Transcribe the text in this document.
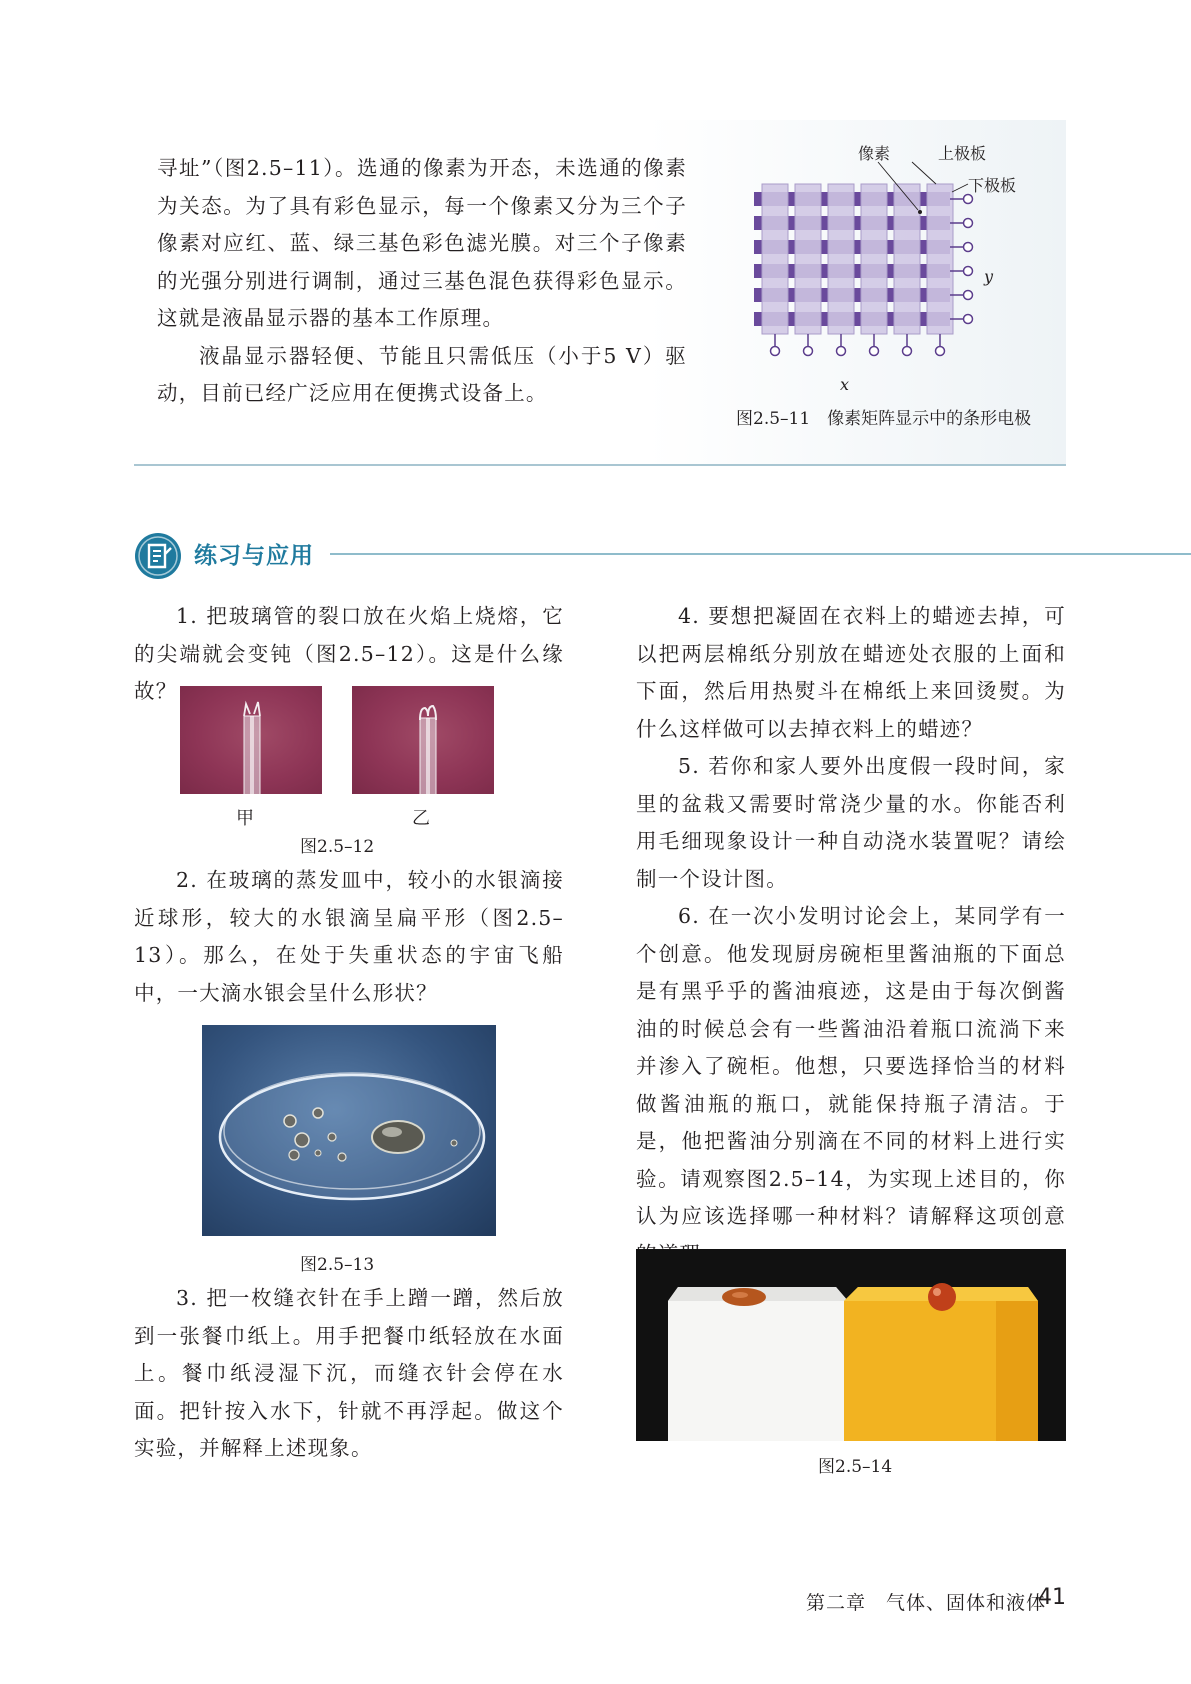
寻址”（图2.5–11）。选通的像素为开态，未选通的像素为关态。为了具有彩色显示，每一个像素又分为三个子像素对应红、蓝、绿三基色彩色滤光膜。对三个子像素的光强分别进行调制，通过三基色混色获得彩色显示。这就是液晶显示器的基本工作原理。

液晶显示器轻便、节能且只需低压（小于5 V）驱动，目前已经广泛应用在便携式设备上。

像素	上极板
下极板
y
x
图2.5–11　像素矩阵显示中的条形电极
练习与应用

1. 把玻璃管的裂口放在火焰上烧熔，它的尖端就会变钝（图2.5–12）。这是什么缘故？

甲	乙
图2.5–12

2. 在玻璃的蒸发皿中，较小的水银滴接近球形，较大的水银滴呈扁平形（图2.5–13）。那么，在处于失重状态的宇宙飞船中，一大滴水银会呈什么形状？

图2.5–13

3. 把一枚缝衣针在手上蹭一蹭，然后放到一张餐巾纸上。用手把餐巾纸轻放在水面上。餐巾纸浸湿下沉，而缝衣针会停在水面。把针按入水下，针就不再浮起。做这个实验，并解释上述现象。

4. 要想把凝固在衣料上的蜡迹去掉，可以把两层棉纸分别放在蜡迹处衣服的上面和下面，然后用热熨斗在棉纸上来回烫熨。为什么这样做可以去掉衣料上的蜡迹？

5. 若你和家人要外出度假一段时间，家里的盆栽又需要时常浇少量的水。你能否利用毛细现象设计一种自动浇水装置呢？请绘制一个设计图。

6. 在一次小发明讨论会上，某同学有一个创意。他发现厨房碗柜里酱油瓶的下面总是有黑乎乎的酱油痕迹，这是由于每次倒酱油的时候总会有一些酱油沿着瓶口流淌下来并渗入了碗柜。他想，只要选择恰当的材料做酱油瓶的瓶口，就能保持瓶子清洁。于是，他把酱油分别滴在不同的材料上进行实验。请观察图2.5–14，为实现上述目的，你认为应该选择哪一种材料？请解释这项创意

图2.5–14
第二章　气体、固体和液体
41
